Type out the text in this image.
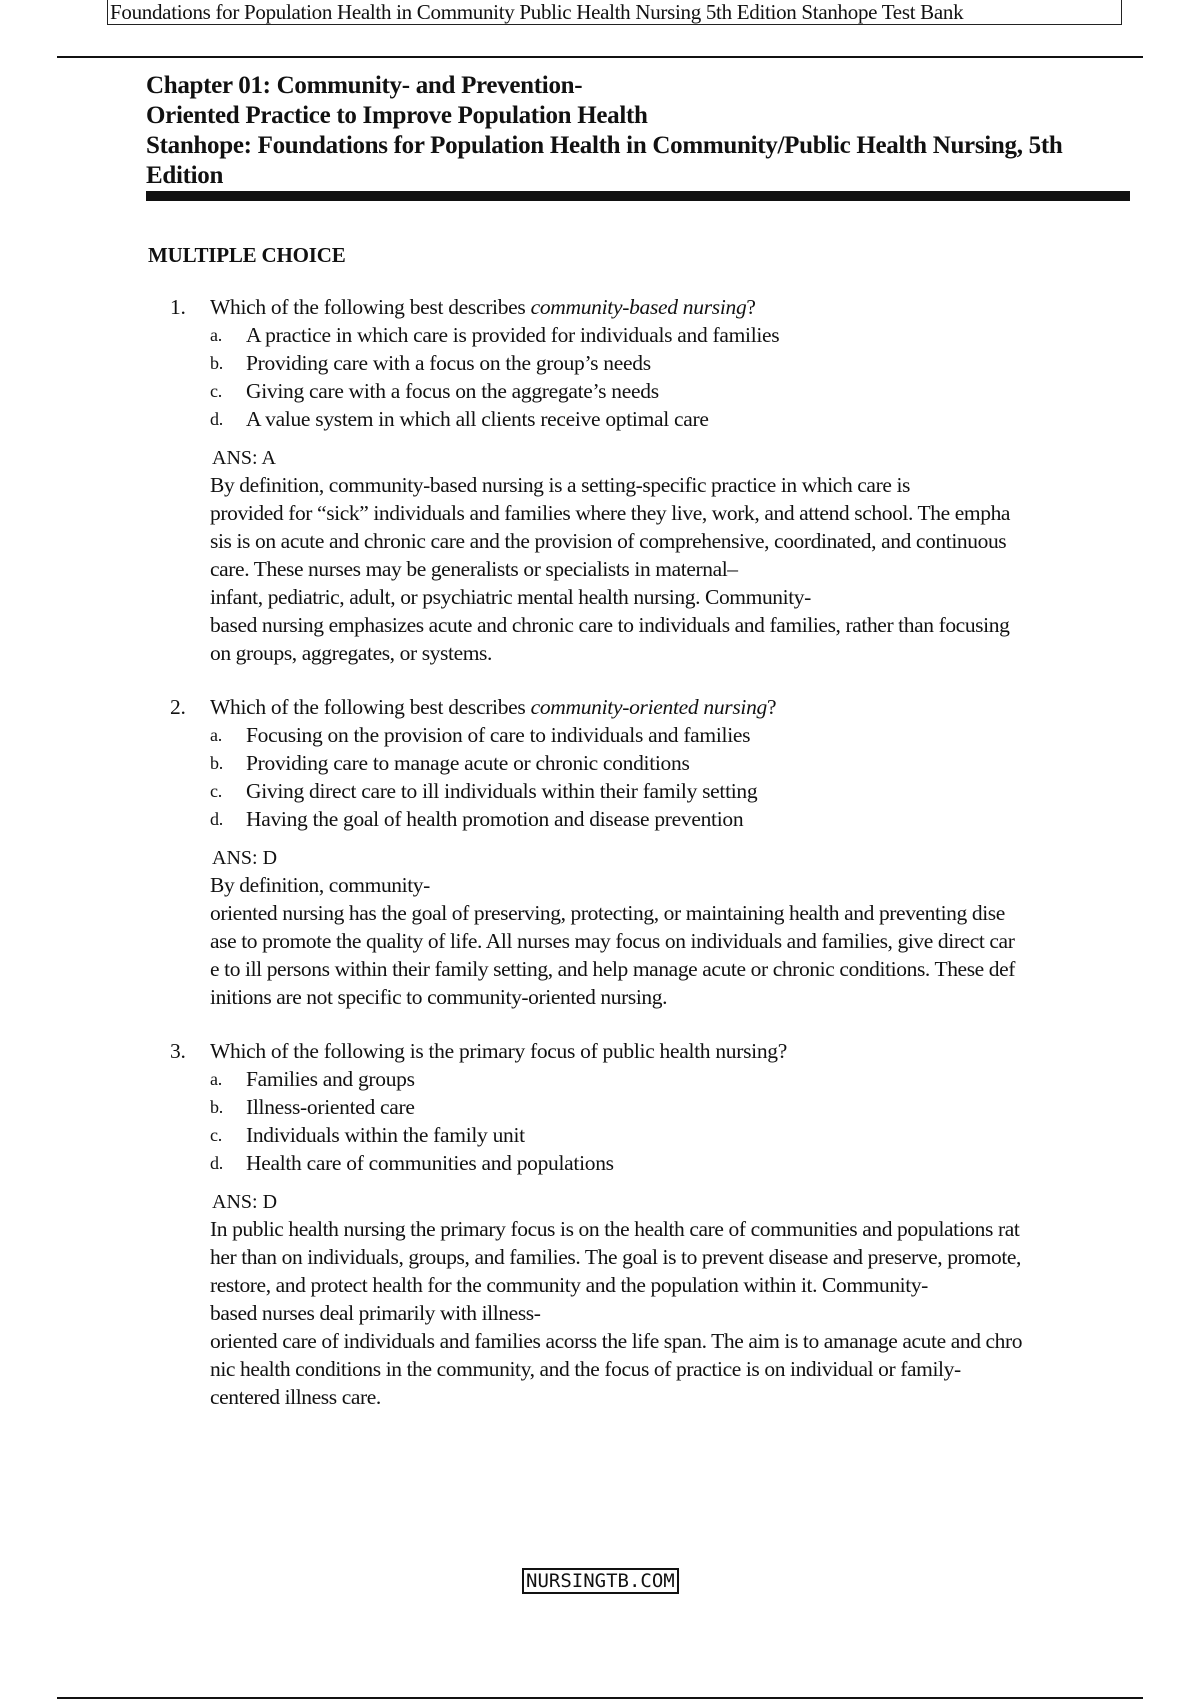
Foundations for Population Health in Community Public Health Nursing 5th Edition Stanhope Test Bank
Chapter 01: Community- and Prevention-
Oriented Practice to Improve Population Health
Stanhope: Foundations for Population Health in Community/Public Health Nursing, 5th
Edition
MULTIPLE CHOICE
1.	Which of the following best describes community-based nursing?
a.	A practice in which care is provided for individuals and families
b.	Providing care with a focus on the group’s needs
c.	Giving care with a focus on the aggregate’s needs
d.	A value system in which all clients receive optimal care
ANS: A
By definition, community-based nursing is a setting-specific practice in which care is
provided for “sick” individuals and families where they live, work, and attend school. The empha
sis is on acute and chronic care and the provision of comprehensive, coordinated, and continuous
care. These nurses may be generalists or specialists in maternal–
infant, pediatric, adult, or psychiatric mental health nursing. Community-
based nursing emphasizes acute and chronic care to individuals and families, rather than focusing
on groups, aggregates, or systems.
2.	Which of the following best describes community-oriented nursing?
a.	Focusing on the provision of care to individuals and families
b.	Providing care to manage acute or chronic conditions
c.	Giving direct care to ill individuals within their family setting
d.	Having the goal of health promotion and disease prevention
ANS: D
By definition, community-
oriented nursing has the goal of preserving, protecting, or maintaining health and preventing dise
ase to promote the quality of life. All nurses may focus on individuals and families, give direct car
e to ill persons within their family setting, and help manage acute or chronic conditions. These def
initions are not specific to community-oriented nursing.
3.	Which of the following is the primary focus of public health nursing?
a.	Families and groups
b.	Illness-oriented care
c.	Individuals within the family unit
d.	Health care of communities and populations
ANS: D
In public health nursing the primary focus is on the health care of communities and populations rat
her than on individuals, groups, and families. The goal is to prevent disease and preserve, promote,
restore, and protect health for the community and the population within it. Community-
based nurses deal primarily with illness-
oriented care of individuals and families acorss the life span. The aim is to amanage acute and chro
nic health conditions in the community, and the focus of practice is on individual or family-
centered illness care.
NURSINGTB.COM
